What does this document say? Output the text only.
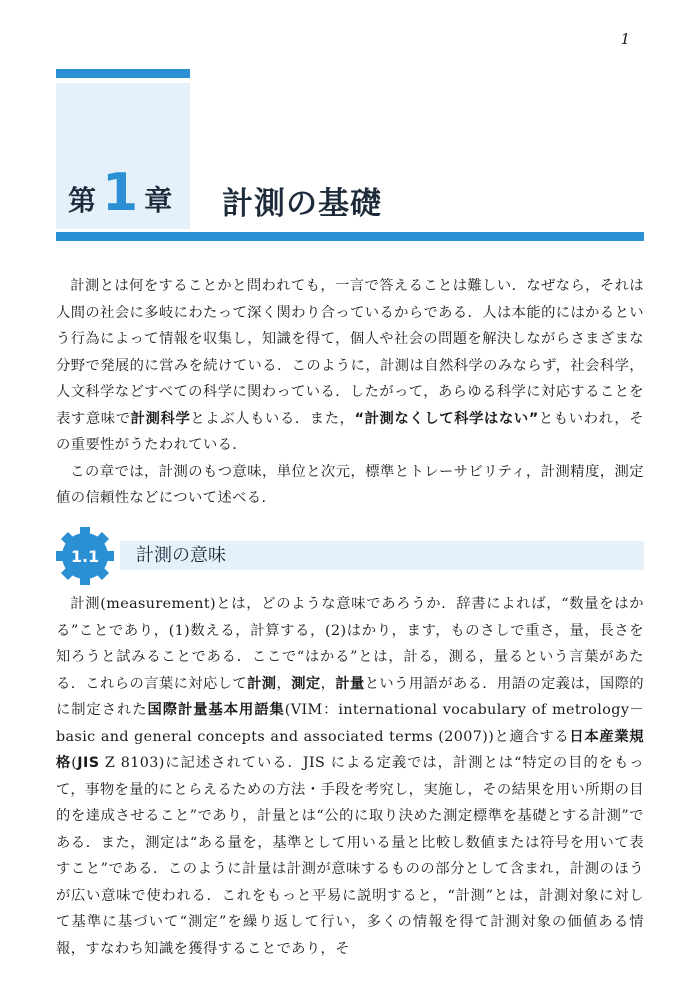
1
第 1 章 計測の基礎

計測とは何をすることかと問われても，一言で答えることは難しい．なぜなら，それは人間の社会に多岐にわたって深く関わり合っているからである．人は本能的にはかるという行為によって情報を収集し，知識を得て，個人や社会の問題を解決しながらさまざまな分野で発展的に営みを続けている．このように，計測は自然科学のみならず，社会科学，人文科学などすべての科学に関わっている．したがって，あらゆる科学に対応することを表す意味で計測科学とよぶ人もいる．また，“計測なくして科学はない”ともいわれ，その重要性がうたわれている．

この章では，計測のもつ意味，単位と次元，標準とトレーサビリティ，計測精度，測定値の信頼性などについて述べる．

1.1	計測の意味

計測(measurement)とは，どのような意味であろうか．辞書によれば，“数量をはかる”ことであり，(1)数える，計算する，(2)はかり，ます，ものさしで重さ，量，長さを知ろうと試みることである．ここで“はかる”とは，計る，測る，量るという言葉があたる．これらの言葉に対応して計測，測定，計量という用語がある．用語の定義は，国際的に制定された国際計量基本用語集(VIM：international vocabulary of metrology－basic and general concepts and associated terms (2007))と適合する日本産業規格(JIS Z 8103)に記述されている．JIS による定義では，計測とは“特定の目的をもって，事物を量的にとらえるための方法・手段を考究し，実施し，その結果を用い所期の目的を達成させること”であり，計量とは“公的に取り決めた測定標準を基礎とする計測”である．また，測定は“ある量を，基準として用いる量と比較し数値または符号を用いて表すこと”である．このように計量は計測が意味するものの部分として含まれ，計測のほうが広い意味で使われる．これをもっと平易に説明すると，“計測”とは，計測対象に対して基準に基づいて“測定”を繰り返して行い，多くの情報を得て計測対象の価値ある情報，すなわち知識を獲得することであり，そ
